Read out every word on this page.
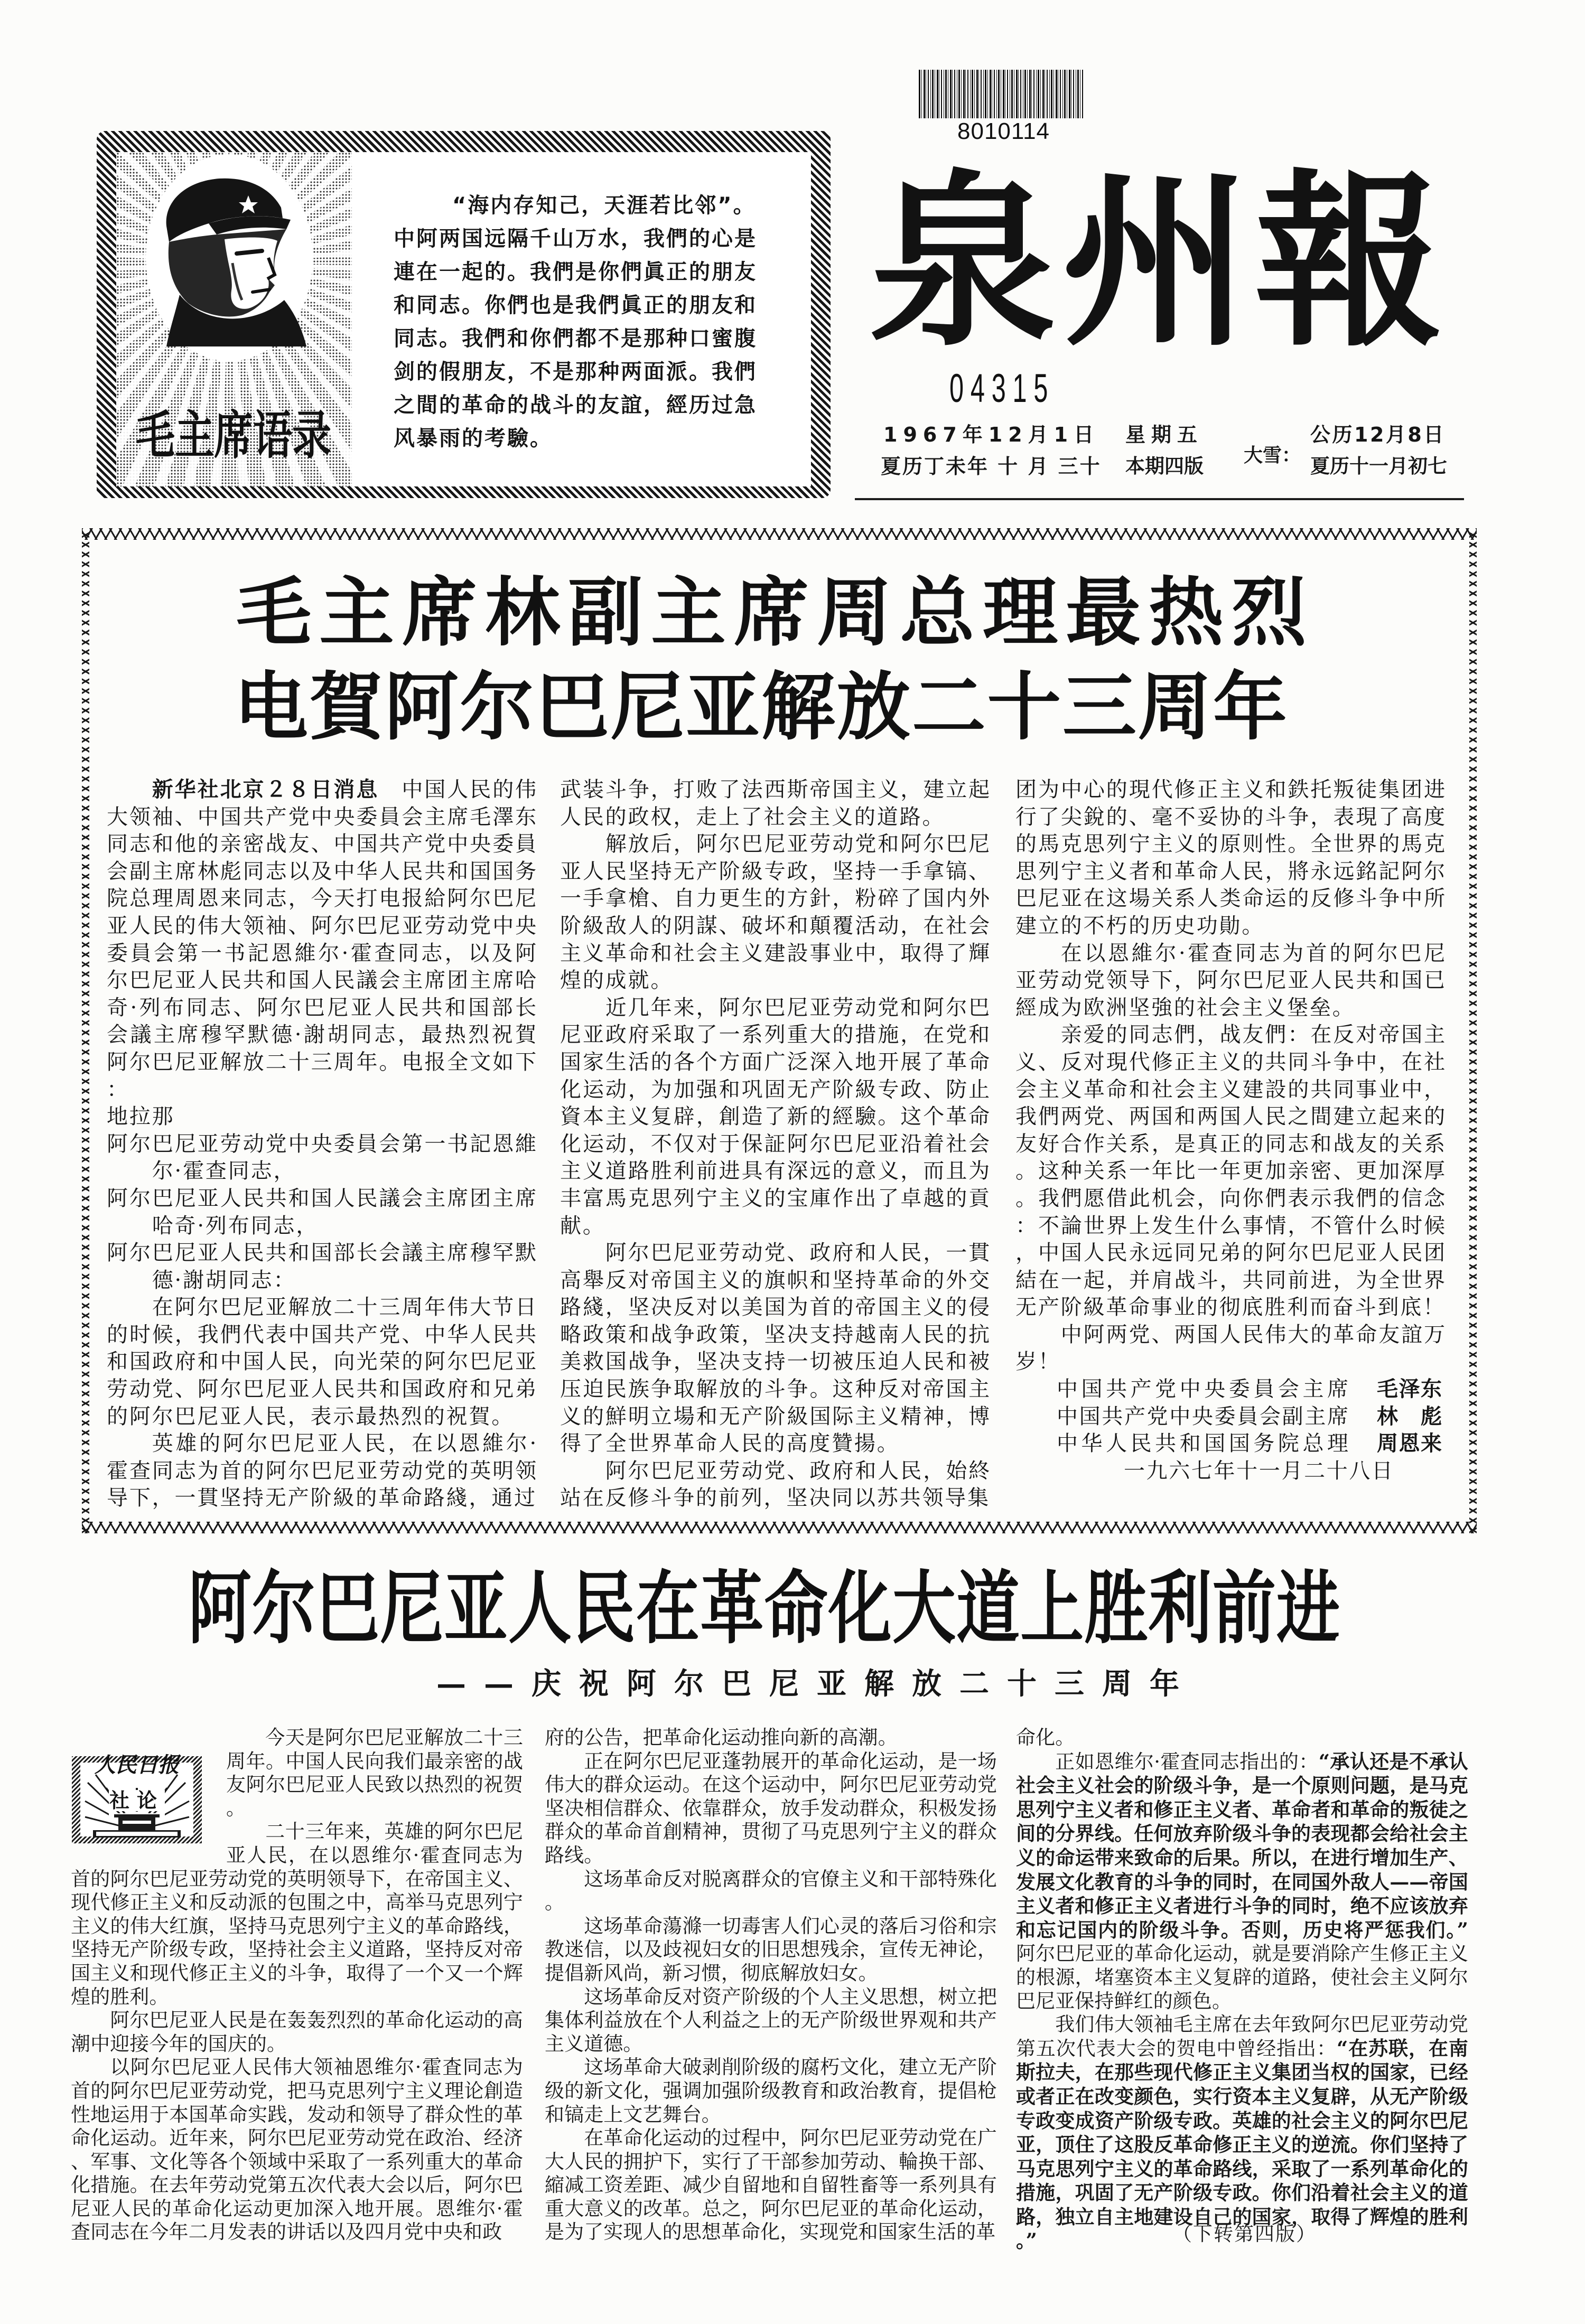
毛主席语录
“海内存知己，天涯若比邻”。
中阿两国远隔千山万水，我們的心是連在一起的。我們是你們眞正的朋友和同志。你們也是我們眞正的朋友和同志。我們和你們都不是那种口蜜腹剑的假朋友，不是那种两面派。我們之間的革命的战斗的友誼，經历过急风暴雨的考驗。
8010114
泉州報
04315
1967年12月1日 星期五
夏历丁未年 十 月 三十 本期四版 大雪：
公历12月8日
夏历十一月初七
毛主席林副主席周总理最热烈
电賀阿尔巴尼亚解放二十三周年

新华社北京２８日消息　中国人民的伟大领袖、中国共产党中央委員会主席毛澤东同志和他的亲密战友、中国共产党中央委員会副主席林彪同志以及中华人民共和国国务院总理周恩来同志，今天打电报給阿尔巴尼亚人民的伟大领袖、阿尔巴尼亚劳动党中央委員会第一书記恩維尔·霍查同志，以及阿尔巴尼亚人民共和国人民議会主席团主席哈奇·列布同志、阿尔巴尼亚人民共和国部长会議主席穆罕默德·謝胡同志，最热烈祝賀阿尔巴尼亚解放二十三周年。电报全文如下：

地拉那

阿尔巴尼亚劳动党中央委員会第一书記恩維尔·霍查同志，

阿尔巴尼亚人民共和国人民議会主席团主席哈奇·列布同志，

阿尔巴尼亚人民共和国部长会議主席穆罕默德·謝胡同志：

在阿尔巴尼亚解放二十三周年伟大节日的时候，我們代表中国共产党、中华人民共和国政府和中国人民，向光荣的阿尔巴尼亚劳动党、阿尔巴尼亚人民共和国政府和兄弟的阿尔巴尼亚人民，表示最热烈的祝賀。

英雄的阿尔巴尼亚人民，在以恩維尔·霍查同志为首的阿尔巴尼亚劳动党的英明领导下，一貫坚持无产阶級的革命路綫，通过

武装斗争，打败了法西斯帝国主义，建立起人民的政权，走上了社会主义的道路。

解放后，阿尔巴尼亚劳动党和阿尔巴尼亚人民坚持无产阶級专政，坚持一手拿镐、一手拿槍、自力更生的方針，粉碎了国内外阶級敌人的阴謀、破坏和顛覆活动，在社会主义革命和社会主义建設事业中，取得了輝煌的成就。

近几年来，阿尔巴尼亚劳动党和阿尔巴尼亚政府采取了一系列重大的措施，在党和国家生活的各个方面广泛深入地开展了革命化运动，为加强和巩固无产阶級专政、防止資本主义复辟，創造了新的經驗。这个革命化运动，不仅对于保証阿尔巴尼亚沿着社会主义道路胜利前进具有深远的意义，而且为丰富馬克思列宁主义的宝庫作出了卓越的貢献。

阿尔巴尼亚劳动党、政府和人民，一貫高舉反对帝国主义的旗帜和坚持革命的外交路綫，坚决反对以美国为首的帝国主义的侵略政策和战争政策，坚决支持越南人民的抗美救国战争，坚决支持一切被压迫人民和被压迫民族争取解放的斗争。这种反对帝国主义的鮮明立場和无产阶級国际主义精神，博得了全世界革命人民的高度贊揚。

阿尔巴尼亚劳动党、政府和人民，始終站在反修斗争的前列，坚决同以苏共领导集

团为中心的現代修正主义和鉄托叛徒集团进行了尖銳的、毫不妥协的斗争，表現了高度的馬克思列宁主义的原则性。全世界的馬克思列宁主义者和革命人民，將永远銘記阿尔巴尼亚在这場关系人类命运的反修斗争中所建立的不朽的历史功勛。

在以恩維尔·霍查同志为首的阿尔巴尼亚劳动党领导下，阿尔巴尼亚人民共和国已經成为欧洲坚強的社会主义堡垒。

亲爱的同志們，战友們：在反对帝国主义、反对現代修正主义的共同斗争中，在社会主义革命和社会主义建設的共同事业中，我們两党、两国和两国人民之間建立起来的友好合作关系，是真正的同志和战友的关系。这种关系一年比一年更加亲密、更加深厚。我們愿借此机会，向你們表示我們的信念：不論世界上发生什么事情，不管什么时候，中国人民永远同兄弟的阿尔巴尼亚人民团結在一起，并肩战斗，共同前进，为全世界无产阶級革命事业的彻底胜利而奋斗到底！

中阿两党、两国人民伟大的革命友誼万岁！

中国共产党中央委員会主席 毛泽东
中国共产党中央委員会副主席 林彪
中华人民共和国国务院总理 周恩来
一九六七年十一月二十八日
阿尔巴尼亚人民在革命化大道上胜利前进
——庆祝阿尔巴尼亚解放二十三周年
人民日报
社论

今天是阿尔巴尼亚解放二十三周年。中国人民向我们最亲密的战友阿尔巴尼亚人民致以热烈的祝贺。

二十三年来，英雄的阿尔巴尼亚人民，在以恩维尔·霍査同志为首的阿尔巴尼亚劳动党的英明领导下，在帝国主义、现代修正主义和反动派的包围之中，高举马克思列宁主义的伟大红旗，坚持马克思列宁主义的革命路线，坚持无产阶级专政，坚持社会主义道路，坚持反对帝国主义和现代修正主义的斗争，取得了一个又一个辉煌的胜利。

阿尔巴尼亚人民是在轰轰烈烈的革命化运动的高潮中迎接今年的国庆的。

以阿尔巴尼亚人民伟大领袖恩维尔·霍査同志为首的阿尔巴尼亚劳动党，把马克思列宁主义理论創造性地运用于本国革命实践，发动和领导了群众性的革命化运动。近年来，阿尔巴尼亚劳动党在政治、经济、军事、文化等各个领域中采取了一系列重大的革命化措施。在去年劳动党第五次代表大会以后，阿尔巴尼亚人民的革命化运动更加深入地开展。恩维尔·霍査同志在今年二月发表的讲话以及四月党中央和政

府的公告，把革命化运动推向新的高潮。

正在阿尔巴尼亚蓬勃展开的革命化运动，是一场伟大的群众运动。在这个运动中，阿尔巴尼亚劳动党坚决相信群众、依靠群众，放手发动群众，积极发扬群众的革命首創精神，贯彻了马克思列宁主义的群众路线。

这场革命反对脱离群众的官僚主义和干部特殊化。

这场革命蕩滌一切毒害人们心灵的落后习俗和宗教迷信，以及歧视妇女的旧思想残余，宣传无神论，提倡新风尚，新习惯，彻底解放妇女。

这场革命反对资产阶级的个人主义思想，树立把集体利益放在个人利益之上的无产阶级世界观和共产主义道德。

这场革命大破剥削阶级的腐朽文化，建立无产阶级的新文化，强调加强阶级教育和政治教育，提倡枪和镐走上文艺舞台。

在革命化运动的过程中，阿尔巴尼亚劳动党在广大人民的拥护下，实行了干部参加劳动、輪换干部、縮减工资差距、减少自留地和自留牲畜等一系列具有重大意义的改革。总之，阿尔巴尼亚的革命化运动，是为了实现人的思想革命化，实现党和国家生活的革

命化。

正如恩维尔·霍査同志指出的：“承认还是不承认社会主义社会的阶级斗争，是一个原则问题，是马克思列宁主义者和修正主义者、革命者和革命的叛徒之间的分界线。任何放弃阶级斗争的表现都会给社会主义的命运带来致命的后果。所以，在进行增加生产、发展文化教育的斗争的同时，在同国外敌人——帝国主义者和修正主义者进行斗争的同时，绝不应该放弃和忘记国内的阶级斗争。否则，历史将严惩我们。”阿尔巴尼亚的革命化运动，就是要消除产生修正主义的根源，堵塞资本主义复辟的道路，使社会主义阿尔巴尼亚保持鲜红的颜色。

我们伟大领袖毛主席在去年致阿尔巴尼亚劳动党第五次代表大会的贺电中曾经指出：“在苏联，在南斯拉夫，在那些现代修正主义集团当权的国家，已经或者正在改变颜色，实行资本主义复辟，从无产阶级专政变成资产阶级专政。英雄的社会主义的阿尔巴尼亚，顶住了这股反革命修正主义的逆流。你们坚持了马克思列宁主义的革命路线，采取了一系列革命化的措施，巩固了无产阶级专政。你们沿着社会主义的道路，独立自主地建设自己的国家，取得了辉煌的胜利。”	（下转第四版）
